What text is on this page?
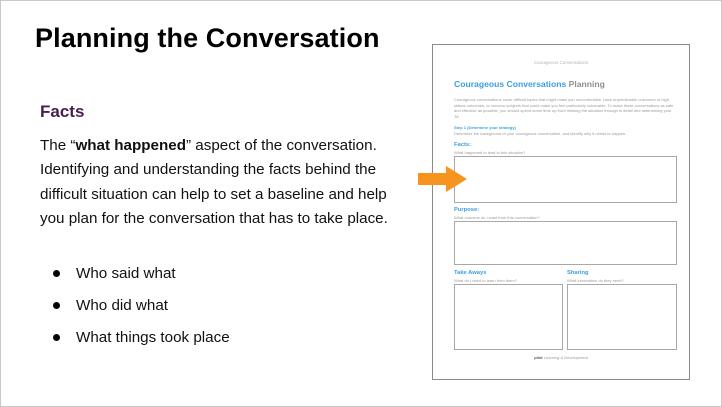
Planning the Conversation
Facts
The “what happened” aspect of the conversation. Identifying and understanding the facts behind the difficult situation can help to set a baseline and help you plan for the conversation that has to take place.
Who said what
Who did what
What things took place
Courageous Conversations
Courageous Conversations Planning
Courageous conversations cover difficult topics that might make you uncomfortable, have unpredictable outcomes or high stakes outcomes, or concern subjects that could make you feel particularly vulnerable. To make these conversations as safe and effective as possible, you should spend some time up front thinking the situation through in detail and determining your TA
Step 1 (Determine your strategy)
Determine the background of your courageous conversation, and identify why it needs to happen.
Facts:
What happened to lead to this situation?
Purpose:
What outcome do I want from this conversation?
Take Aways
What do I need to learn from them?
Sharing
What information do they need?
pilot Learning & Development
